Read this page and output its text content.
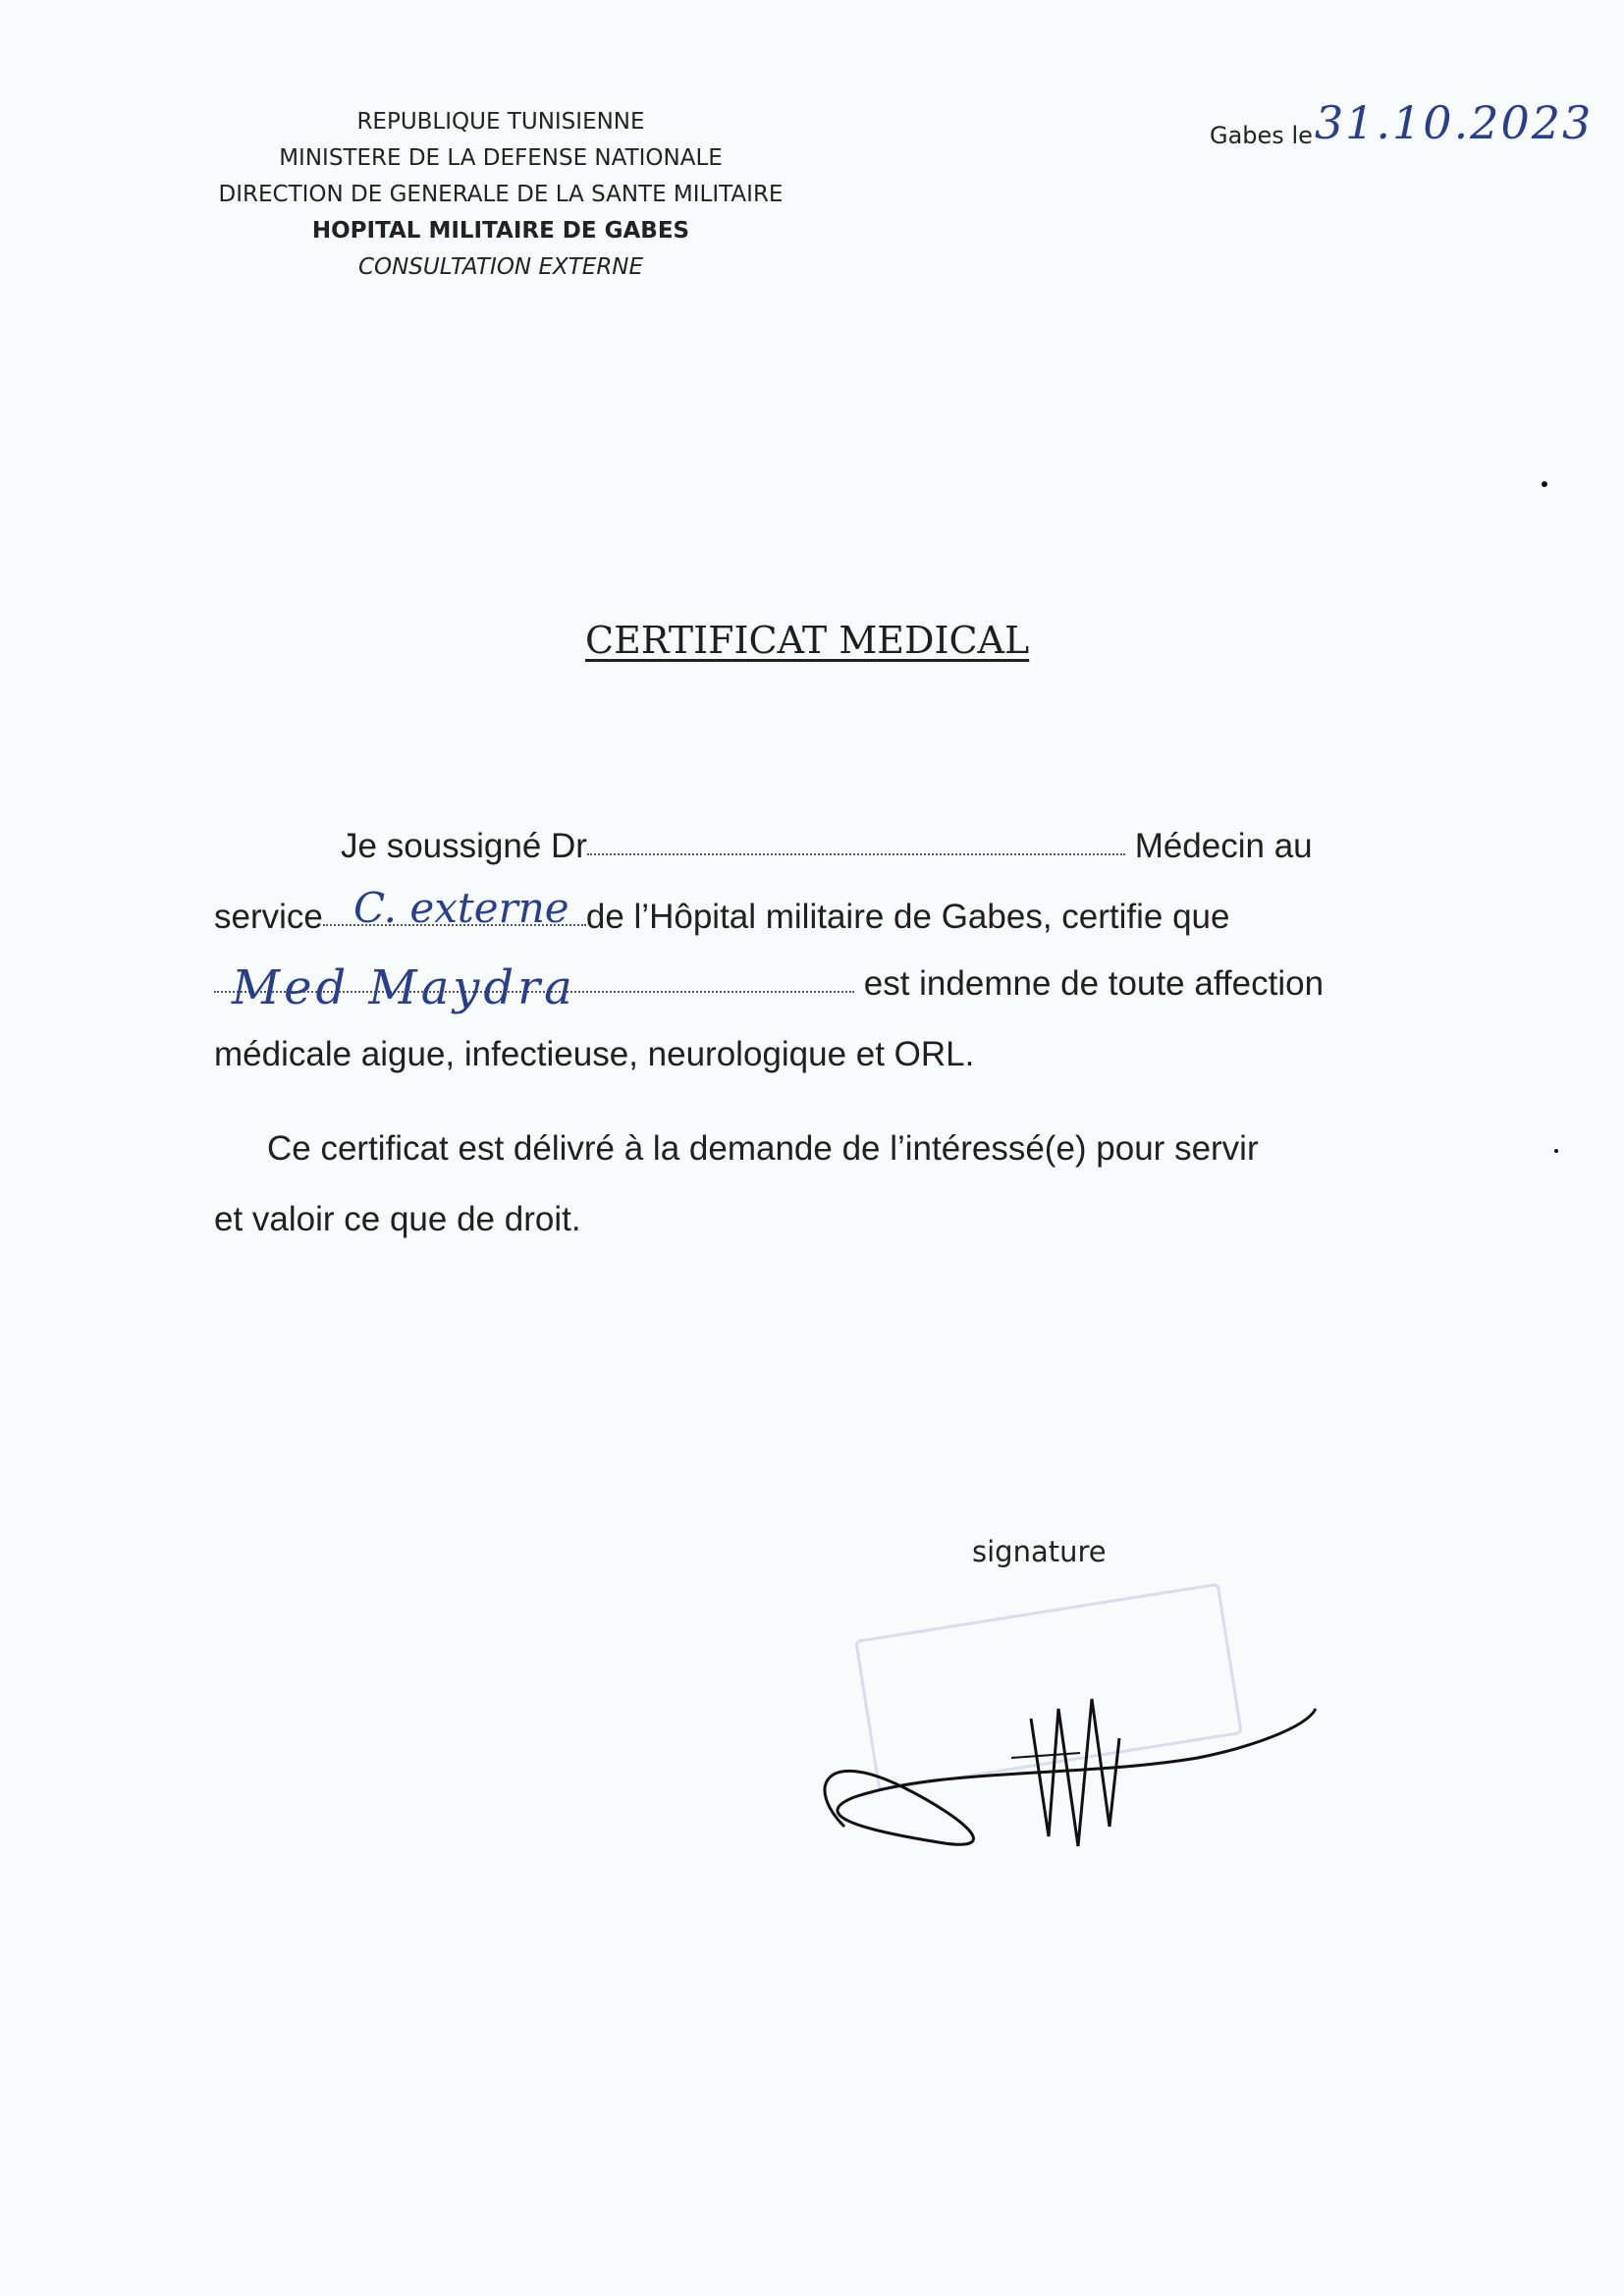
REPUBLIQUE TUNISIENNE
MINISTERE DE LA DEFENSE NATIONALE
DIRECTION DE GENERALE DE LA SANTE MILITAIRE
HOPITAL MILITAIRE DE GABES
CONSULTATION EXTERNE
Gabes le 31.10.2023
CERTIFICAT MEDICAL
Je soussigné Dr	Médecin au
service	de l’Hôpital militaire de Gabes, certifie que
C. externe
est indemne de toute affection
Med Maydra
médicale aigue, infectieuse, neurologique et ORL.
Ce certificat est délivré à la demande de l’intéressé(e) pour servir
et valoir ce que de droit.
signature
